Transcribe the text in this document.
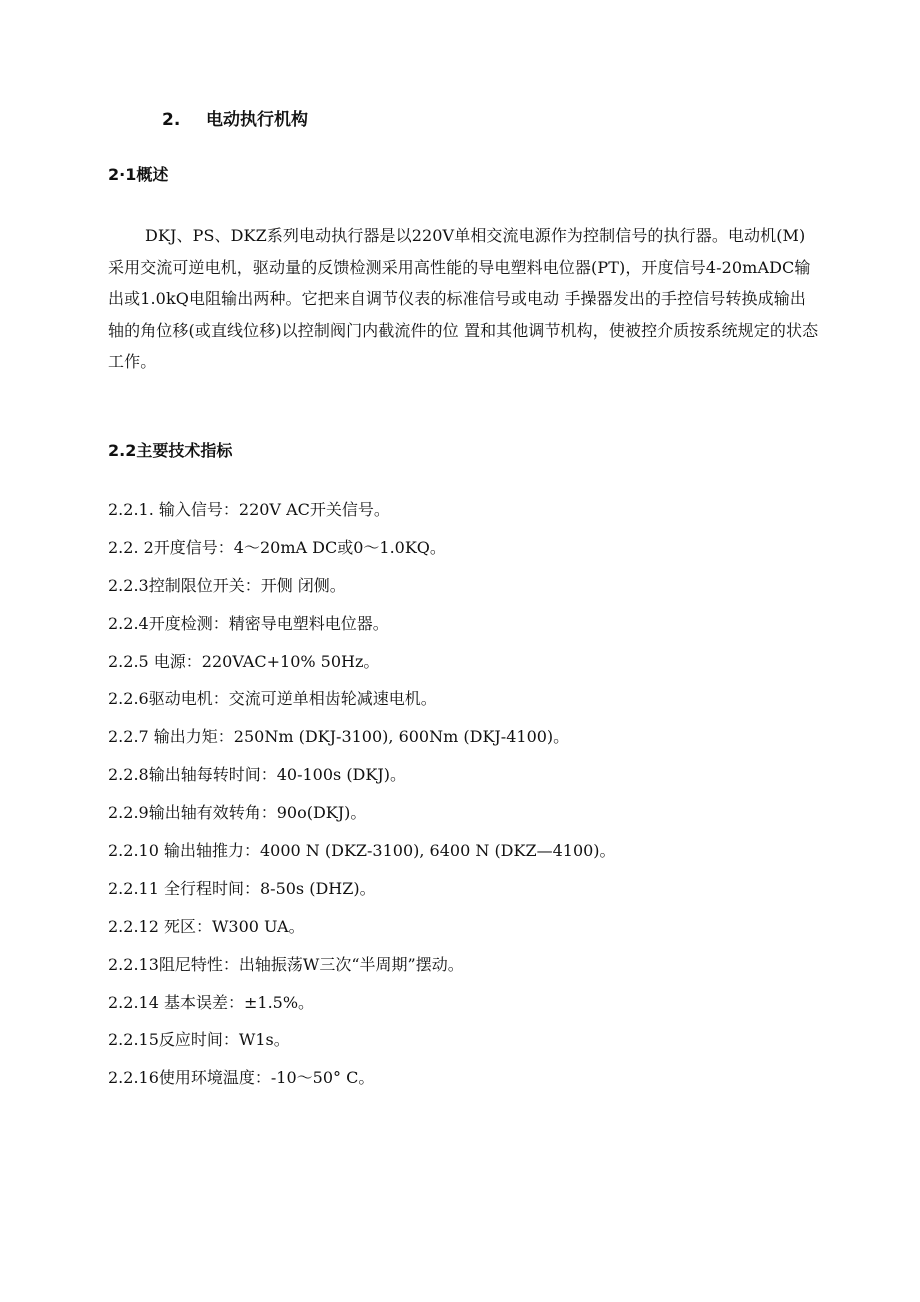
2. 电动执行机构
2·1概述

DKJ、PS、DKZ系列电动执行器是以220V单相交流电源作为控制信号的执行器。电动机(M)采用交流可逆电机，驱动量的反馈检测采用高性能的导电塑料电位器(PT)，开度信号4-20mADC输出或1.0kQ电阻输出两种。它把来自调节仪表的标准信号或电动 手操器发出的手控信号转换成输出轴的角位移(或直线位移)以控制阀门内截流件的位 置和其他调节机构，使被控介质按系统规定的状态工作。

2.2主要技术指标
2.2.1. 输入信号：220V AC开关信号。
2.2. 2开度信号：4〜20mA DC或0〜1.0KQ。
2.2.3控制限位开关：开侧 闭侧。
2.2.4开度检测：精密导电塑料电位器。
2.2.5 电源：220VAC+10% 50Hz。
2.2.6驱动电机：交流可逆单相齿轮减速电机。
2.2.7 输出力矩：250Nm (DKJ-3100), 600Nm (DKJ-4100)。
2.2.8输出轴每转时间：40-100s (DKJ)。
2.2.9输出轴有效转角：90o(DKJ)。
2.2.10 输出轴推力：4000 N (DKZ-3100), 6400 N (DKZ—4100)。
2.2.11 全行程时间：8-50s (DHZ)。
2.2.12 死区：W300 UA。
2.2.13阻尼特性：出轴振荡W三次“半周期”摆动。
2.2.14 基本误差：±1.5%。
2.2.15反应时间：W1s。
2.2.16使用环境温度：-10〜50° C。
